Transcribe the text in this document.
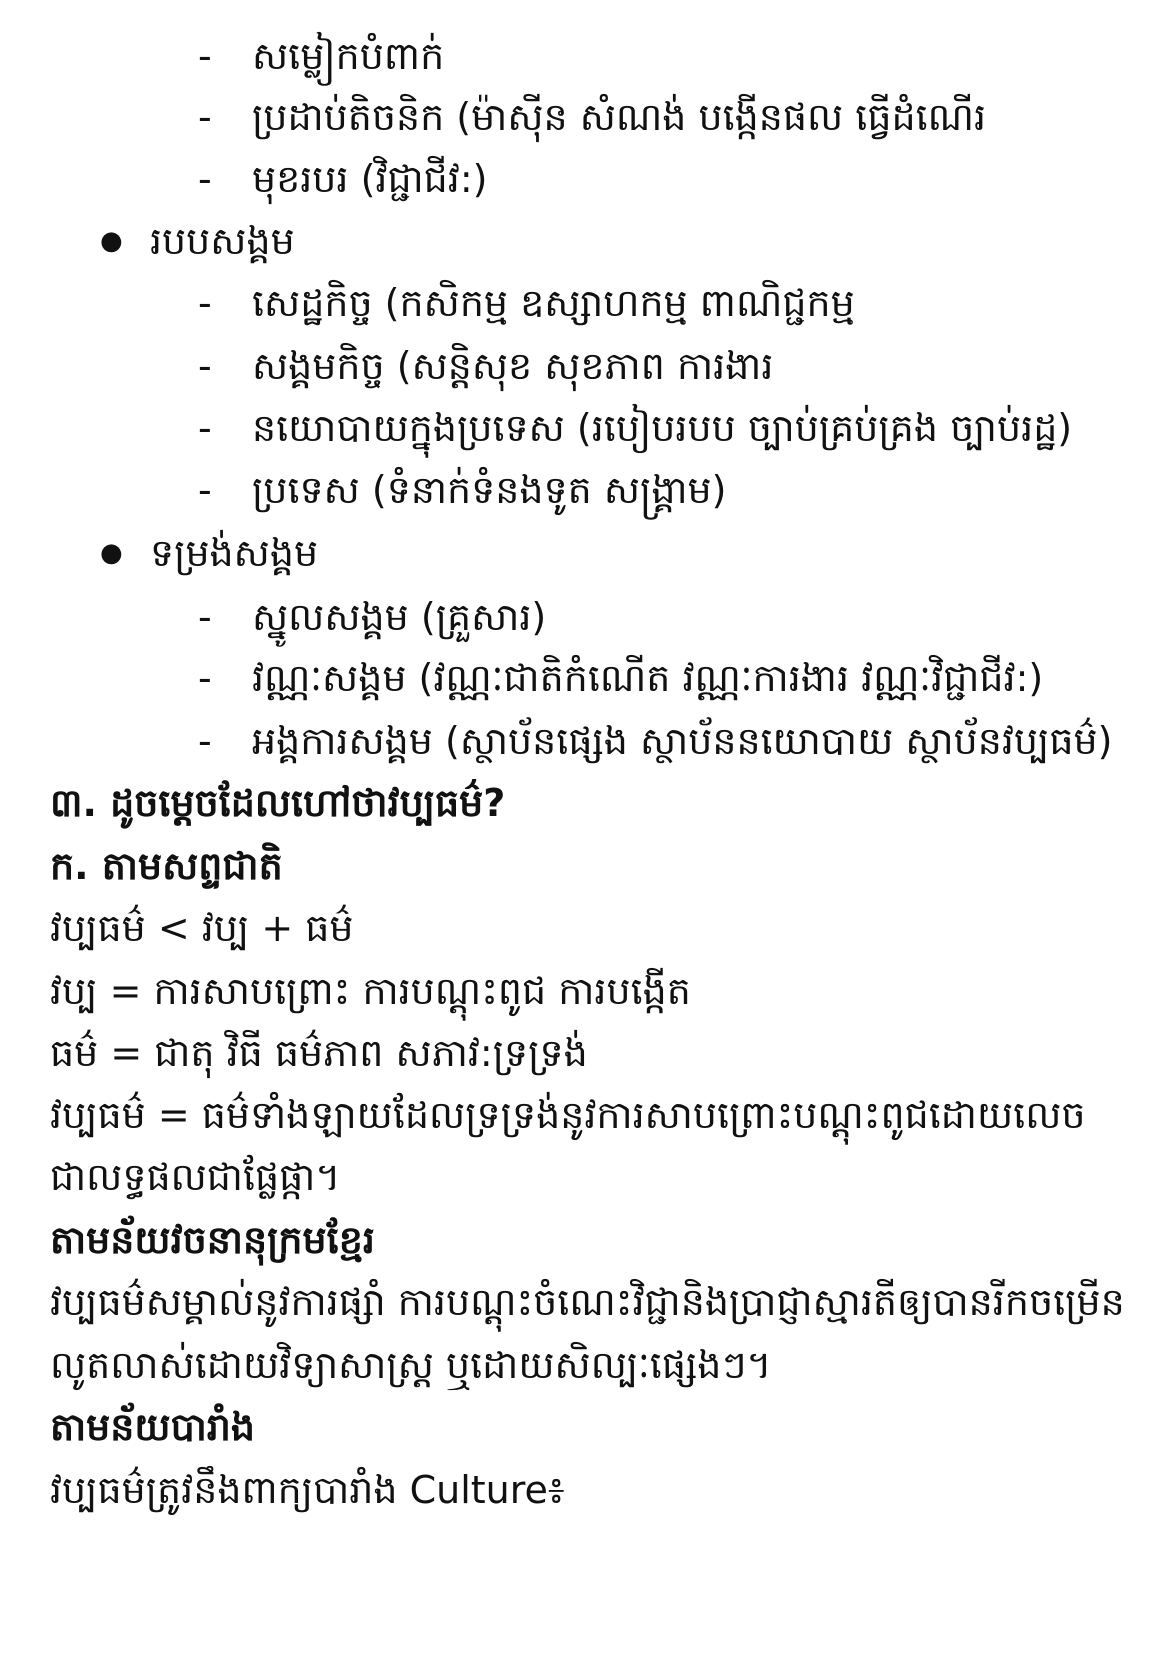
-	សម្លៀកបំពាក់
-	ប្រដាប់តិចនិក (ម៉ាស៊ីន សំណង់ បង្កើនផល ធ្វើដំណើរ
-	មុខរបរ (វិជ្ជាជីវ:)
● របបសង្គម
-	សេដ្ឋកិច្ច (កសិកម្ម ឧស្សាហកម្ម ពាណិជ្ជកម្ម
-	សង្គមកិច្ច (សន្តិសុខ សុខភាព ការងារ
-	នយោបាយក្នុងប្រទេស (របៀបរបប ច្បាប់គ្រប់គ្រង ច្បាប់រដ្ឋ)
-	ប្រទេស (ទំនាក់ទំនងទូត សង្គ្រាម)
● ទម្រង់សង្គម
-	ស្នូលសង្គម (គ្រួសារ)
-	វណ្ណៈសង្គម (វណ្ណៈជាតិកំណើត វណ្ណៈការងារ វណ្ណៈវិជ្ជាជីវ:)
-	អង្គការសង្គម (ស្ថាប័នផ្សេង ស្ថាប័ននយោបាយ ស្ថាប័នវប្បធម៌)
៣. ដូចម្តេចដែលហៅថាវប្បធម៌?
ក. តាមសព្ទជាតិ
វប្បធម៌ < វប្ប + ធម៌
វប្ប = ការសាបព្រោះ ការបណ្តុះពូជ ការបង្កើត
ធម៌ = ជាតុ វិធី ធម៌ភាព សភាវ:ទ្រទ្រង់
វប្បធម៌ = ធម៌ទាំងឡាយដែលទ្រទ្រង់នូវការសាបព្រោះបណ្តុះពូជដោយលេច
ជាលទ្ធផលជាផ្លែផ្កា។
តាមន័យវចនានុក្រមខ្មែរ
វប្បធម៌សម្គាល់នូវការផ្សាំ ការបណ្តុះចំណេះវិជ្ជានិងប្រាជ្ញាស្មារតីឲ្យបានរីកចម្រើន
លូតលាស់ដោយវិទ្យាសាស្ត្រ ឬដោយសិល្បៈផ្សេងៗ។
តាមន័យបារាំង
វប្បធម៌ត្រូវនឹងពាក្យបារាំង Culture៖
